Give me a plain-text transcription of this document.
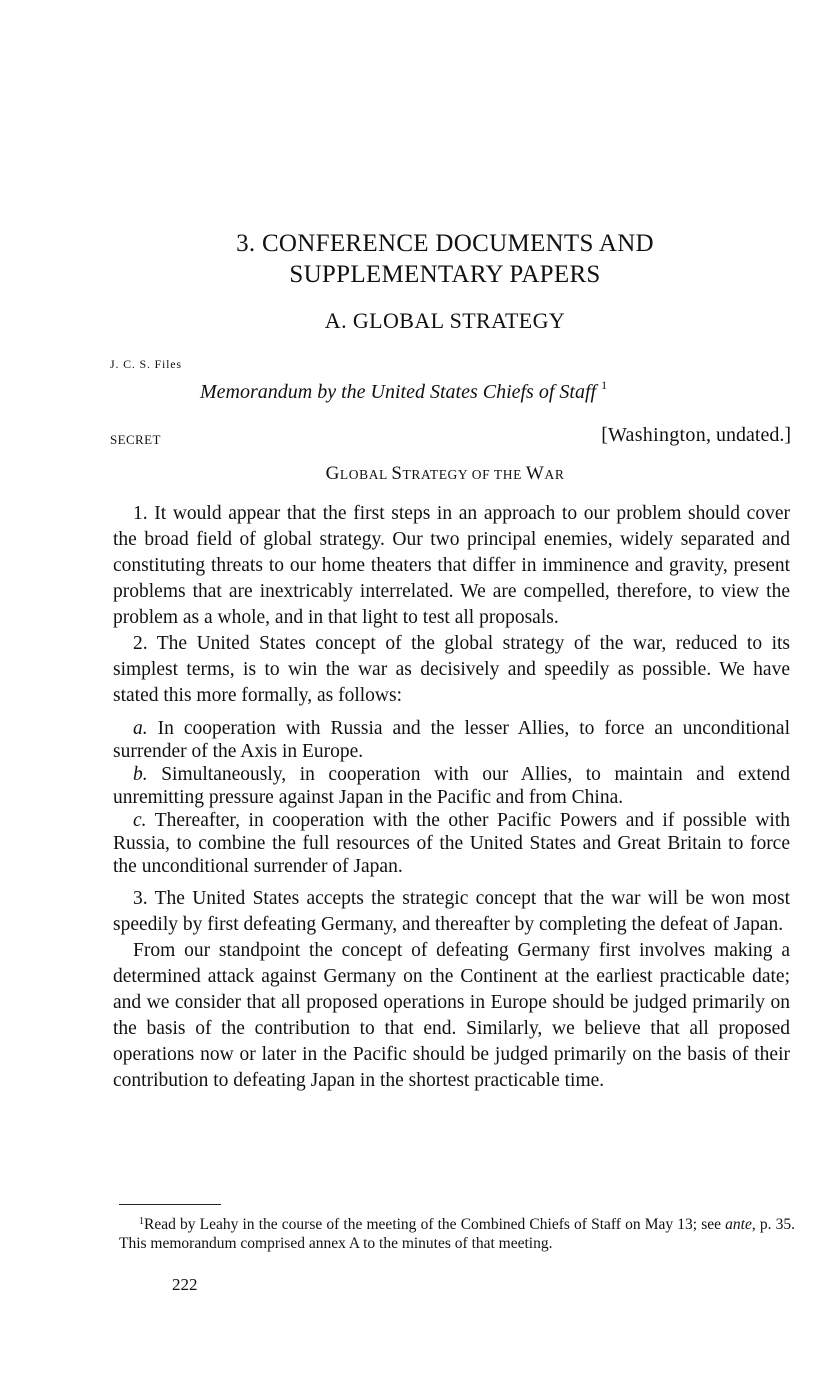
3. CONFERENCE DOCUMENTS AND
SUPPLEMENTARY PAPERS
A. GLOBAL STRATEGY
J. C. S. Files
Memorandum by the United States Chiefs of Staff $^1$
SECRET	[Washington, undated.]
GLOBAL STRATEGY OF THE WAR

1. It would appear that the first steps in an approach to our problem should cover the broad field of global strategy. Our two principal enemies, widely separated and constituting threats to our home theaters that differ in imminence and gravity, present problems that are inextricably interrelated. We are compelled, therefore, to view the problem as a whole, and in that light to test all proposals.

2. The United States concept of the global strategy of the war, reduced to its simplest terms, is to win the war as decisively and speedily as possible. We have stated this more formally, as follows:

a. In cooperation with Russia and the lesser Allies, to force an unconditional surrender of the Axis in Europe.

b. Simultaneously, in cooperation with our Allies, to maintain and extend unremitting pressure against Japan in the Pacific and from China.

c. Thereafter, in cooperation with the other Pacific Powers and if possible with Russia, to combine the full resources of the United States and Great Britain to force the unconditional surrender of Japan.

3. The United States accepts the strategic concept that the war will be won most speedily by first defeating Germany, and thereafter by completing the defeat of Japan.

From our standpoint the concept of defeating Germany first involves making a determined attack against Germany on the Continent at the earliest practicable date; and we consider that all proposed operations in Europe should be judged primarily on the basis of the contribution to that end. Similarly, we believe that all proposed operations now or later in the Pacific should be judged primarily on the basis of their contribution to defeating Japan in the shortest practicable time.

$^1$Read by Leahy in the course of the meeting of the Combined Chiefs of Staff on May 13; see ante, p. 35. This memorandum comprised annex A to the minutes of that meeting.
222
